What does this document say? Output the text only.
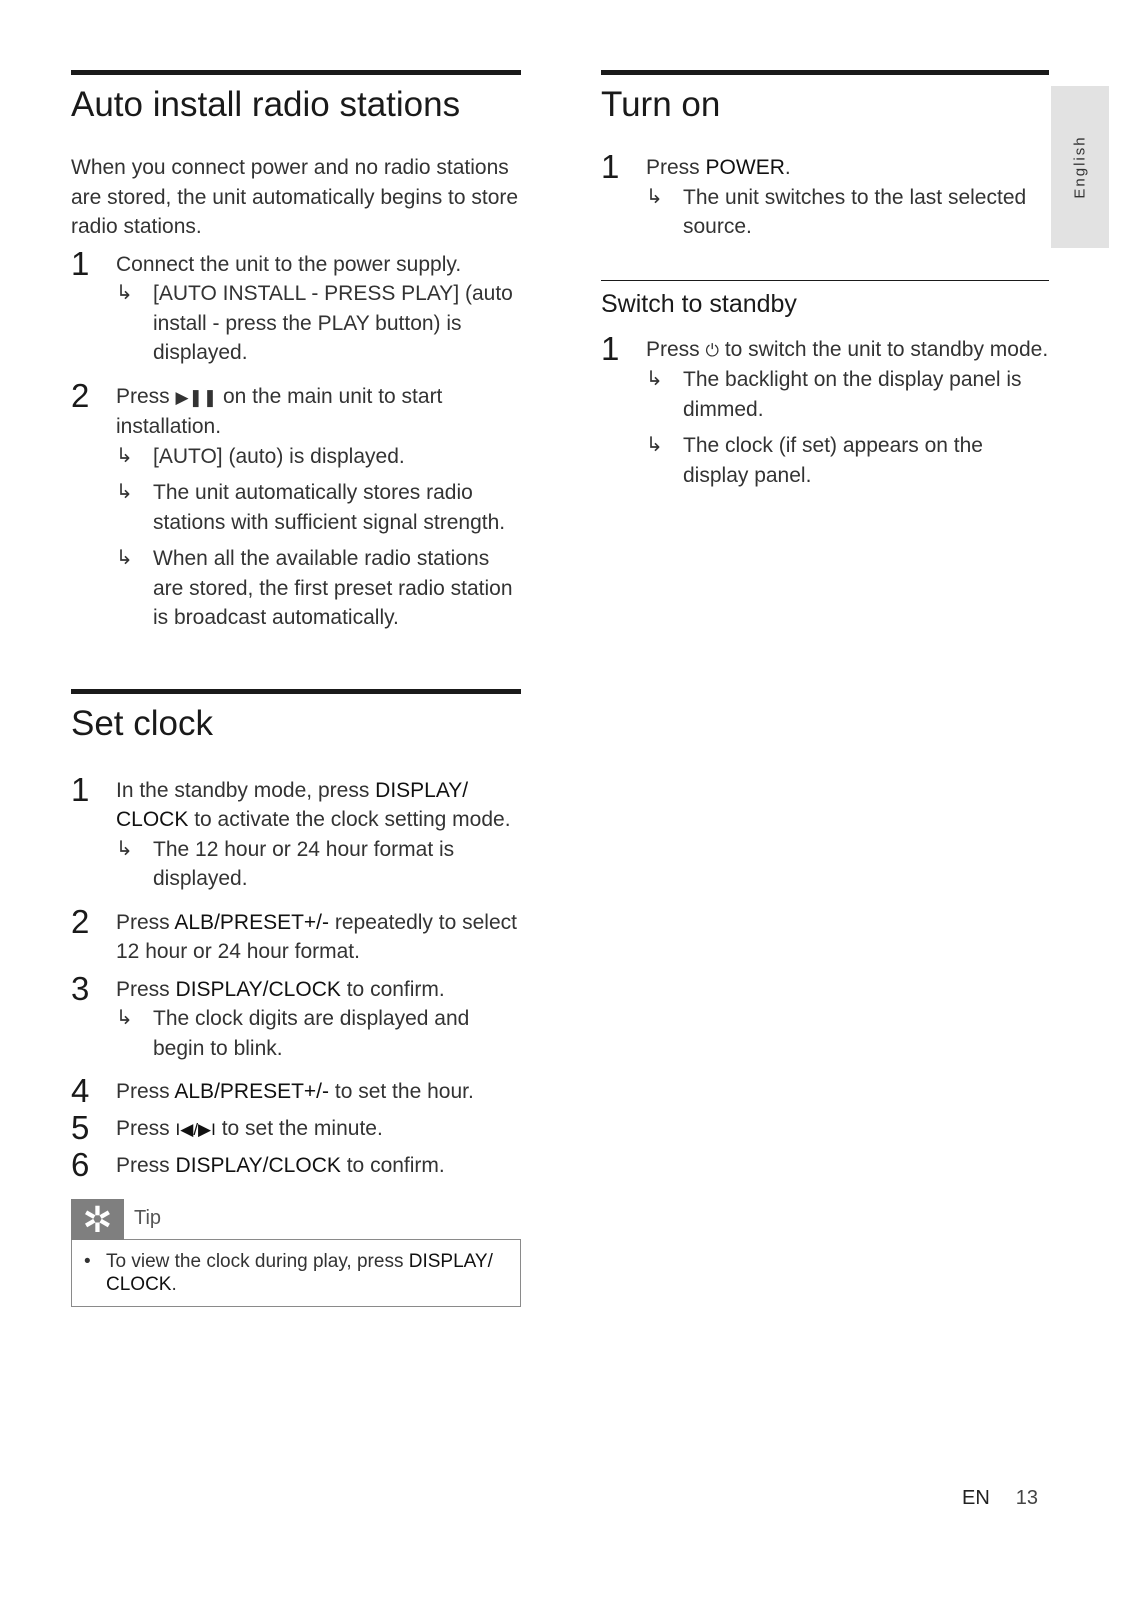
Auto install radio stations

When you connect power and no radio stations are stored, the unit automatically begins to store radio stations.

1 Connect the unit to the power supply.
↳ [AUTO INSTALL - PRESS PLAY] (auto install - press the PLAY button) is displayed.
2 Press ▶❚❚ on the main unit to start installation.
↳ [AUTO] (auto) is displayed.
↳ The unit automatically stores radio stations with sufficient signal strength.
↳ When all the available radio stations are stored, the first preset radio station is broadcast automatically.
Set clock
1 In the standby mode, press DISPLAY/ CLOCK to activate the clock setting mode.
↳ The 12 hour or 24 hour format is displayed.
2 Press ALB/PRESET+/- repeatedly to select 12 hour or 24 hour format.
3 Press DISPLAY/CLOCK to confirm.
↳ The clock digits are displayed and begin to blink.
4 Press ALB/PRESET+/- to set the hour.
5 Press I◀/▶I to set the minute.
6 Press DISPLAY/CLOCK to confirm.
✲	Tip
• To view the clock during play, press DISPLAY/ CLOCK.
Turn on
1 Press POWER.
↳ The unit switches to the last selected source.
Switch to standby
1 Press ⏻ to switch the unit to standby mode.
↳ The backlight on the display panel is dimmed.
↳ The clock (if set) appears on the display panel.
English
EN 13
